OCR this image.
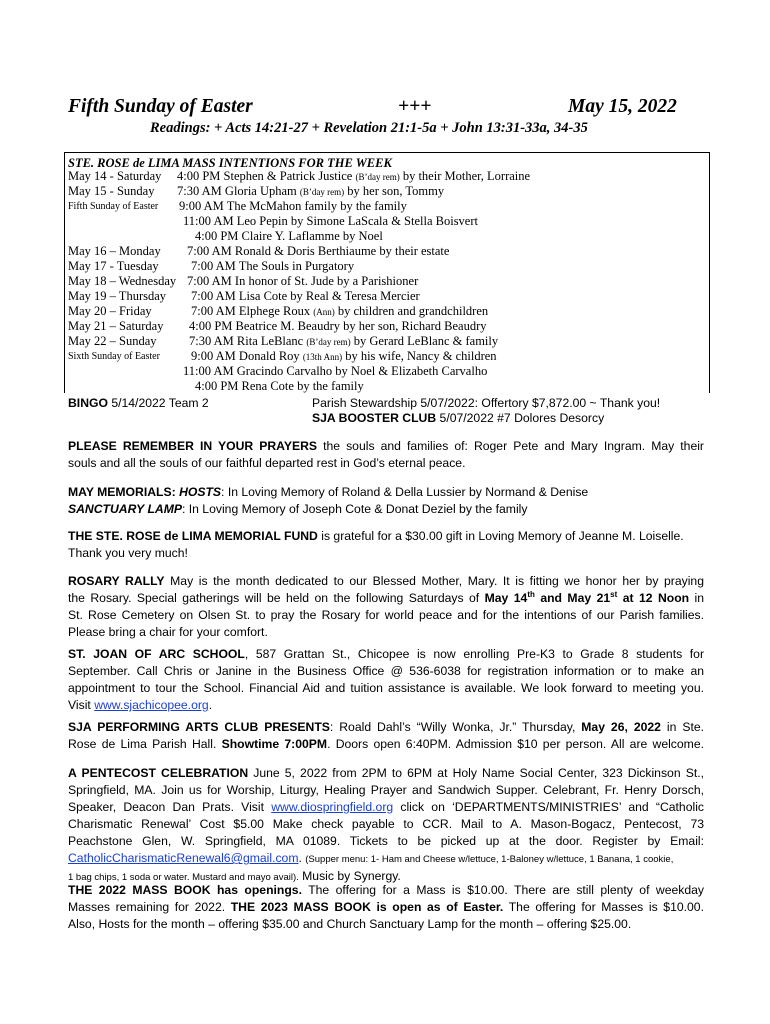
Fifth Sunday of Easter	+++	May 15, 2022
Readings: + Acts 14:21-27 + Revelation 21:1-5a + John 13:31-33a, 34-35
STE. ROSE de LIMA MASS INTENTIONS FOR THE WEEK
May 14 - Saturday 4:00 PM Stephen & Patrick Justice (B’day rem) by their Mother, Lorraine
May 15 - Sunday 7:30 AM Gloria Upham (B’day rem) by her son, Tommy
Fifth Sunday of Easter 9:00 AM The McMahon family by the family
11:00 AM Leo Pepin by Simone LaScala & Stella Boisvert
4:00 PM Claire Y. Laflamme by Noel
May 16 – Monday 7:00 AM Ronald & Doris Berthiaume by their estate
May 17 - Tuesday	7:00 AM The Souls in Purgatory
May 18 – Wednesday 7:00 AM In honor of St. Jude by a Parishioner
May 19 – Thursday 7:00 AM Lisa Cote by Real & Teresa Mercier
May 20 – Friday	7:00 AM Elphege Roux (Ann) by children and grandchildren
May 21 – Saturday 4:00 PM Beatrice M. Beaudry by her son, Richard Beaudry
May 22 – Sunday	7:30 AM Rita LeBlanc (B’day rem) by Gerard LeBlanc & family
Sixth Sunday of Easter 9:00 AM Donald Roy (13th Ann) by his wife, Nancy & children
11:00 AM Gracindo Carvalho by Noel & Elizabeth Carvalho
4:00 PM Rena Cote by the family
BINGO 5/14/2022 Team 2	Parish Stewardship 5/07/2022: Offertory $7,872.00 ~ Thank you!
SJA BOOSTER CLUB 5/07/2022 #7 Dolores Desorcy
PLEASE REMEMBER IN YOUR PRAYERS the souls and families of: Roger Pete and Mary Ingram. May their
souls and all the souls of our faithful departed rest in God’s eternal peace.
MAY MEMORIALS: HOSTS: In Loving Memory of Roland & Della Lussier by Normand & Denise
SANCTUARY LAMP: In Loving Memory of Joseph Cote & Donat Deziel by the family
THE STE. ROSE de LIMA MEMORIAL FUND is grateful for a $30.00 gift in Loving Memory of Jeanne M. Loiselle.
Thank you very much!
ROSARY RALLY May is the month dedicated to our Blessed Mother, Mary. It is fitting we honor her by praying
the Rosary. Special gatherings will be held on the following Saturdays of May 14th and May 21st at 12 Noon in
St. Rose Cemetery on Olsen St. to pray the Rosary for world peace and for the intentions of our Parish families.
Please bring a chair for your comfort.
ST. JOAN OF ARC SCHOOL, 587 Grattan St., Chicopee is now enrolling Pre-K3 to Grade 8 students for
September. Call Chris or Janine in the Business Office @ 536-6038 for registration information or to make an
appointment to tour the School. Financial Aid and tuition assistance is available. We look forward to meeting you.
Visit www.sjachicopee.org.
SJA PERFORMING ARTS CLUB PRESENTS: Roald Dahl’s “Willy Wonka, Jr.” Thursday, May 26, 2022 in Ste.
Rose de Lima Parish Hall. Showtime 7:00PM. Doors open 6:40PM. Admission $10 per person. All are welcome.
A PENTECOST CELEBRATION June 5, 2022 from 2PM to 6PM at Holy Name Social Center, 323 Dickinson St.,
Springfield, MA. Join us for Worship, Liturgy, Healing Prayer and Sandwich Supper. Celebrant, Fr. Henry Dorsch,
Speaker, Deacon Dan Prats. Visit www.diospringfield.org click on ‘DEPARTMENTS/MINISTRIES’ and “Catholic
Charismatic Renewal’ Cost $5.00 Make check payable to CCR. Mail to A. Mason-Bogacz, Pentecost, 73
Peachstone Glen, W. Springfield, MA 01089. Tickets to be picked up at the door. Register by Email:
CatholicCharismaticRenewal6@gmail.com. (Supper menu: 1- Ham and Cheese w/lettuce, 1-Baloney w/lettuce, 1 Banana, 1 cookie,
1 bag chips, 1 soda or water. Mustard and mayo avail). Music by Synergy.
THE 2022 MASS BOOK has openings. The offering for a Mass is $10.00. There are still plenty of weekday
Masses remaining for 2022. THE 2023 MASS BOOK is open as of Easter. The offering for Masses is $10.00.
Also, Hosts for the month – offering $35.00 and Church Sanctuary Lamp for the month – offering $25.00.
